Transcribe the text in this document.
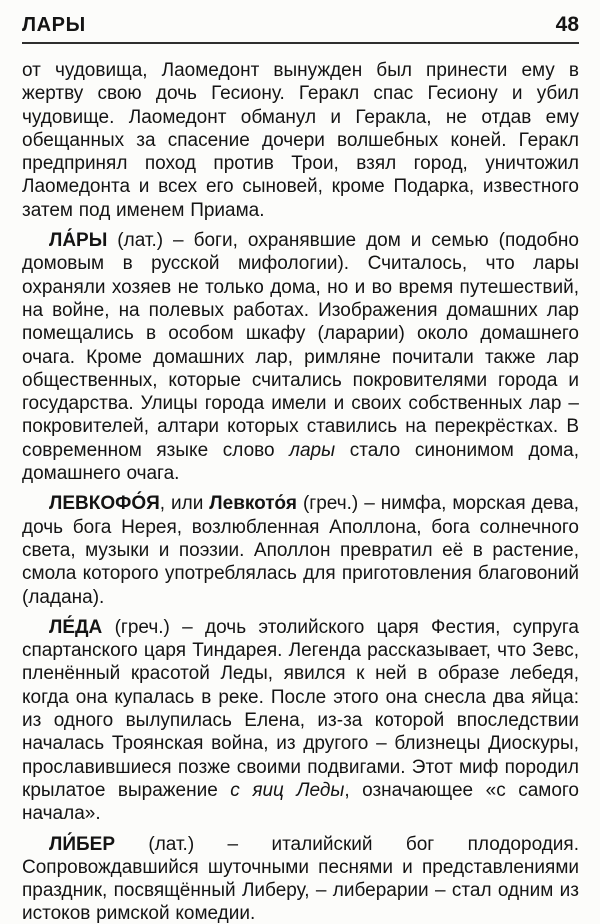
ЛАРЫ	48

от чудовища, Лаомедонт вынужден был принести ему в жертву свою дочь Гесиону. Геракл спас Гесиону и убил чудовище. Лаомедонт обманул и Геракла, не отдав ему обещанных за спасение дочери волшебных коней. Геракл предпринял поход против Трои, взял город, уничтожил Лаомедонта и всех его сыновей, кроме Подарка, известного затем под именем Приама.

ЛА́РЫ (лат.) – боги, охранявшие дом и семью (подобно домовым в русской мифологии). Считалось, что лары охраняли хозяев не только дома, но и во время путешествий, на войне, на полевых работах. Изображения домашних лар помещались в особом шкафу (ларарии) около домашнего очага. Кроме домашних лар, римляне почитали также лар общественных, которые считались покровителями города и государства. Улицы города имели и своих собственных лар – покровителей, алтари которых ставились на перекрёстках. В современном языке слово лары стало синонимом дома, домашнего очага.

ЛЕВКОФО́Я, или Левкото́я (греч.) – нимфа, морская дева, дочь бога Нерея, возлюбленная Аполлона, бога солнечного света, музыки и поэзии. Аполлон превратил её в растение, смола которого употреблялась для приготовления благовоний (ладана).

ЛЕ́ДА (греч.) – дочь этолийского царя Фестия, супруга спартанского царя Тиндарея. Легенда рассказывает, что Зевс, пленённый красотой Леды, явился к ней в образе лебедя, когда она купалась в реке. После этого она снесла два яйца: из одного вылупилась Елена, из-за которой впоследствии началась Троянская война, из другого – близнецы Диоскуры, прославившиеся позже своими подвигами. Этот миф породил крылатое выражение с яиц Леды, означающее «с самого начала».

ЛИ́БЕР (лат.) – италийский бог плодородия. Сопровождавшийся шуточными песнями и представлениями праздник, посвящённый Либеру, – либерарии – стал одним из истоков римской комедии.
